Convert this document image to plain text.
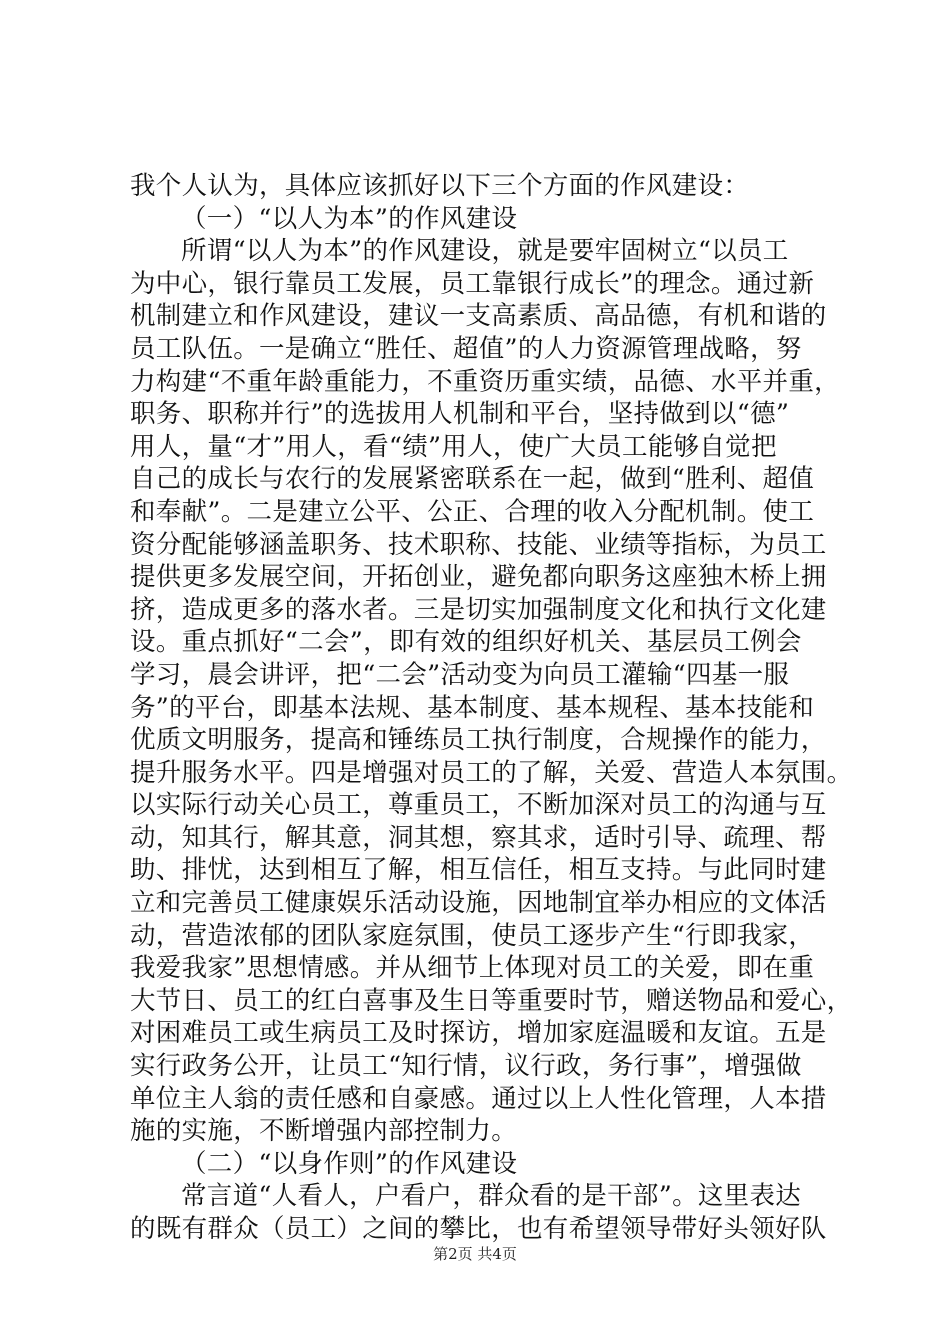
我个人认为，具体应该抓好以下三个方面的作风建设：
（一）“以人为本”的作风建设
所谓“以人为本”的作风建设，就是要牢固树立“以员工
为中心，银行靠员工发展，员工靠银行成长”的理念。通过新
机制建立和作风建设，建议一支高素质、高品德，有机和谐的
员工队伍。一是确立“胜任、超值”的人力资源管理战略，努
力构建“不重年龄重能力，不重资历重实绩，品德、水平并重，
职务、职称并行”的选拔用人机制和平台，坚持做到以“德”
用人，量“才”用人，看“绩”用人，使广大员工能够自觉把
自己的成长与农行的发展紧密联系在一起，做到“胜利、超值
和奉献”。二是建立公平、公正、合理的收入分配机制。使工
资分配能够涵盖职务、技术职称、技能、业绩等指标，为员工
提供更多发展空间，开拓创业，避免都向职务这座独木桥上拥
挤，造成更多的落水者。三是切实加强制度文化和执行文化建
设。重点抓好“二会”，即有效的组织好机关、基层员工例会
学习，晨会讲评，把“二会”活动变为向员工灌输“四基一服
务”的平台，即基本法规、基本制度、基本规程、基本技能和
优质文明服务，提高和锤练员工执行制度，合规操作的能力，
提升服务水平。四是增强对员工的了解，关爱、营造人本氛围。
以实际行动关心员工，尊重员工，不断加深对员工的沟通与互
动，知其行，解其意，洞其想，察其求，适时引导、疏理、帮
助、排忧，达到相互了解，相互信任，相互支持。与此同时建
立和完善员工健康娱乐活动设施，因地制宜举办相应的文体活
动，营造浓郁的团队家庭氛围，使员工逐步产生“行即我家，
我爱我家”思想情感。并从细节上体现对员工的关爱，即在重
大节日、员工的红白喜事及生日等重要时节，赠送物品和爱心，
对困难员工或生病员工及时探访，增加家庭温暖和友谊。五是
实行政务公开，让员工“知行情，议行政，务行事”，增强做
单位主人翁的责任感和自豪感。通过以上人性化管理，人本措
施的实施，不断增强内部控制力。
（二）“以身作则”的作风建设
常言道“人看人，户看户，群众看的是干部”。这里表达
的既有群众（员工）之间的攀比，也有希望领导带好头领好队
第2页 共4页
